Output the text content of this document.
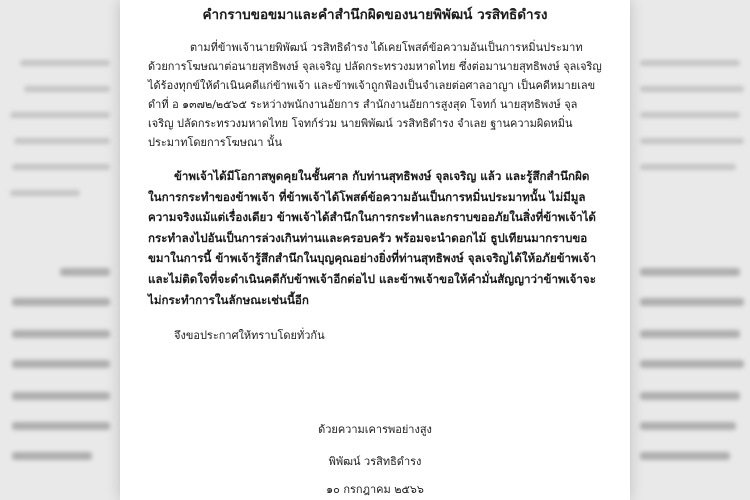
คำกราบขอขมาและคำสำนึกผิดของนายพิพัฒน์ วรสิทธิดำรง

ตามที่ข้าพเจ้านายพิพัฒน์ วรสิทธิดำรง ได้เคยโพสต์ข้อความอันเป็นการหมิ่นประมาทด้วยการโฆษณาต่อนายสุทธิพงษ์ จุลเจริญ ปลัดกระทรวงมหาดไทย ซึ่งต่อมานายสุทธิพงษ์ จุลเจริญได้ร้องทุกข์ให้ดำเนินคดีแก่ข้าพเจ้า และข้าพเจ้าถูกฟ้องเป็นจำเลยต่อศาลอาญา เป็นคดีหมายเลขดำที่ อ ๑๓๗๒/๒๕๖๕ ระหว่างพนักงานอัยการ สำนักงานอัยการสูงสุด โจทก์ นายสุทธิพงษ์ จุลเจริญ ปลัดกระทรวงมหาดไทย โจทก์ร่วม นายพิพัฒน์ วรสิทธิดำรง จำเลย ฐานความผิดหมิ่นประมาทโดยการโฆษณา นั้น

ข้าพเจ้าได้มีโอกาสพูดคุยในชั้นศาล กับท่านสุทธิพงษ์ จุลเจริญ แล้ว และรู้สึกสำนึกผิดในการกระทำของข้าพเจ้า ที่ข้าพเจ้าได้โพสต์ข้อความอันเป็นการหมิ่นประมาทนั้น ไม่มีมูลความจริงแม้แต่เรื่องเดียว ข้าพเจ้าได้สำนึกในการกระทำและกราบขออภัยในสิ่งที่ข้าพเจ้าได้กระทำลงไปอันเป็นการล่วงเกินท่านและครอบครัว พร้อมจะนำดอกไม้ ธูปเทียนมากราบขอขมาในการนี้ ข้าพเจ้ารู้สึกสำนึกในบุญคุณอย่างยิ่งที่ท่านสุทธิพงษ์ จุลเจริญได้ให้อภัยข้าพเจ้าและไม่ติดใจที่จะดำเนินคดีกับข้าพเจ้าอีกต่อไป และข้าพเจ้าขอให้คำมั่นสัญญาว่าข้าพเจ้าจะไม่กระทำการในลักษณะเช่นนี้อีก

จึงขอประกาศให้ทราบโดยทั่วกัน

ด้วยความเคารพอย่างสูง
พิพัฒน์ วรสิทธิดำรง
๑๐ กรกฎาคม ๒๕๖๖
